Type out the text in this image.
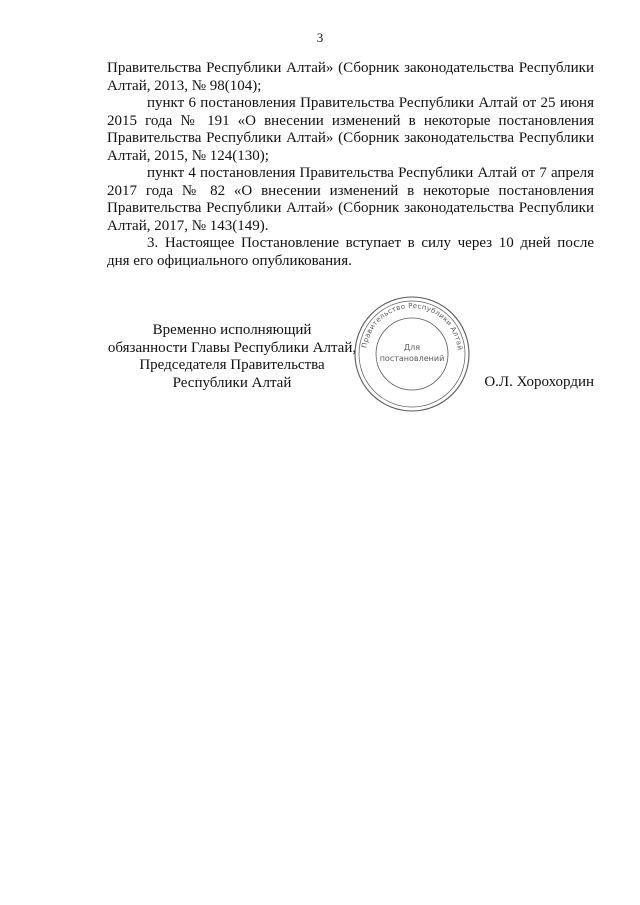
3

Правительства Республики Алтай» (Сборник законодательства Республики Алтай, 2013, № 98(104);

пункт 6 постановления Правительства Республики Алтай от 25 июня 2015 года № 191 «О внесении изменений в некоторые постановления Правительства Республики Алтай» (Сборник законодательства Республики Алтай, 2015, № 124(130);

пункт 4 постановления Правительства Республики Алтай от 7 апреля 2017 года № 82 «О внесении изменений в некоторые постановления Правительства Республики Алтай» (Сборник законодательства Республики Алтай, 2017, № 143(149).

3. Настоящее Постановление вступает в силу через 10 дней после дня его официального опубликования.

Временно исполняющий
обязанности Главы Республики Алтай,
Председателя Правительства
Республики Алтай	О.Л. Хорохордин
Правительство Республики Алтай
Для
постановлений
